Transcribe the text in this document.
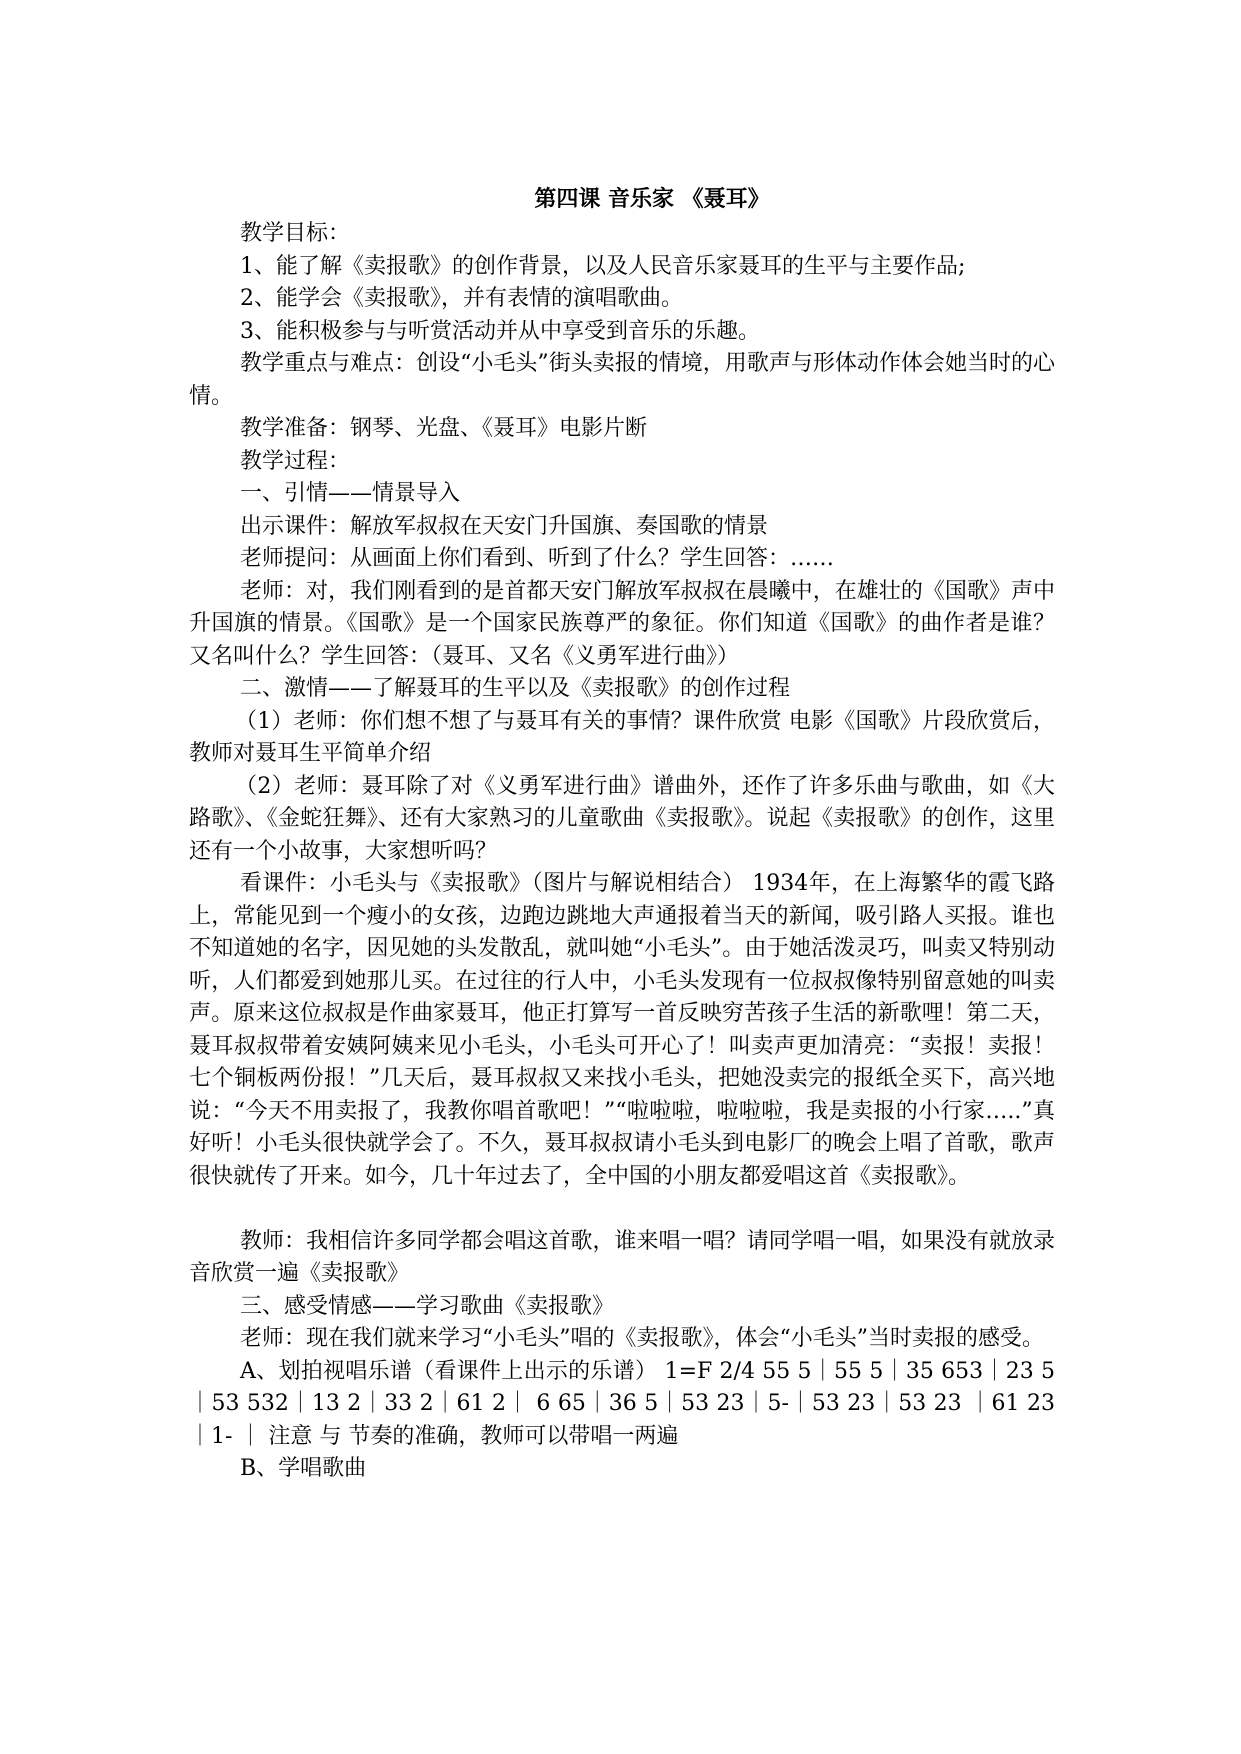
第四课 音乐家 《聂耳》

教学目标：

1、能了解《卖报歌》的创作背景，以及人民音乐家聂耳的生平与主要作品;

2、能学会《卖报歌》，并有表情的演唱歌曲。

3、能积极参与与听赏活动并从中享受到音乐的乐趣。

教学重点与难点：创设“小毛头”街头卖报的情境，用歌声与形体动作体会她当时的心情。

教学准备：钢琴、光盘、《聂耳》电影片断

教学过程：

一、引情——情景导入

出示课件：解放军叔叔在天安门升国旗、奏国歌的情景

老师提问：从画面上你们看到、听到了什么？学生回答：……

老师：对，我们刚看到的是首都天安门解放军叔叔在晨曦中，在雄壮的《国歌》声中升国旗的情景。《国歌》是一个国家民族尊严的象征。你们知道《国歌》的曲作者是谁？又名叫什么？学生回答：（聂耳、又名《义勇军进行曲》）

二、激情——了解聂耳的生平以及《卖报歌》的创作过程

（1）老师：你们想不想了与聂耳有关的事情？课件欣赏 电影《国歌》片段欣赏后，教师对聂耳生平简单介绍

（2）老师：聂耳除了对《义勇军进行曲》谱曲外，还作了许多乐曲与歌曲，如《大路歌》、《金蛇狂舞》、还有大家熟习的儿童歌曲《卖报歌》。说起《卖报歌》的创作，这里还有一个小故事，大家想听吗？

看课件：小毛头与《卖报歌》（图片与解说相结合） 1934年，在上海繁华的霞飞路上，常能见到一个瘦小的女孩，边跑边跳地大声通报着当天的新闻，吸引路人买报。谁也不知道她的名字，因见她的头发散乱，就叫她“小毛头”。由于她活泼灵巧，叫卖又特别动听，人们都爱到她那儿买。在过往的行人中，小毛头发现有一位叔叔像特别留意她的叫卖声。原来这位叔叔是作曲家聂耳，他正打算写一首反映穷苦孩子生活的新歌哩！第二天，聂耳叔叔带着安姨阿姨来见小毛头，小毛头可开心了！叫卖声更加清亮：“卖报！卖报！七个铜板两份报！”几天后，聂耳叔叔又来找小毛头，把她没卖完的报纸全买下，高兴地说：“今天不用卖报了，我教你唱首歌吧！”“啦啦啦，啦啦啦，我是卖报的小行家…..”真好听！小毛头很快就学会了。不久，聂耳叔叔请小毛头到电影厂的晚会上唱了首歌，歌声很快就传了开来。如今，几十年过去了，全中国的小朋友都爱唱这首《卖报歌》。

教师：我相信许多同学都会唱这首歌，谁来唱一唱？请同学唱一唱，如果没有就放录音欣赏一遍《卖报歌》

三、感受情感——学习歌曲《卖报歌》

老师：现在我们就来学习“小毛头”唱的《卖报歌》，体会“小毛头”当时卖报的感受。

A、划拍视唱乐谱（看课件上出示的乐谱） 1=F 2/4 55 5｜55 5｜35 653｜23 5｜53 532｜13 2｜33 2｜61 2｜ 6 65｜36 5｜53 23｜5-｜53 23｜53 23 ｜61 23｜1- ｜ 注意 与 节奏的准确，教师可以带唱一两遍

B、学唱歌曲
